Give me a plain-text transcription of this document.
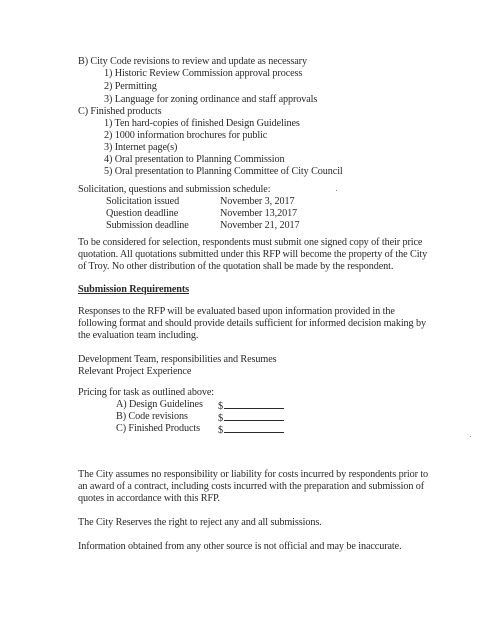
B) City Code revisions to review and update as necessary
1) Historic Review Commission approval process
2) Permitting
3) Language for zoning ordinance and staff approvals
C) Finished products
1) Ten hard-copies of finished Design Guidelines
2) 1000 information brochures for public
3) Internet page(s)
4) Oral presentation to Planning Commission
5) Oral presentation to Planning Committee of City Council
Solicitation, questions and submission schedule:
Solicitation issued	November 3, 2017
Question deadline	November 13,2017
Submission deadline	November 21, 2017
To be considered for selection, respondents must submit one signed copy of their price
quotation. All quotations submitted under this RFP will become the property of the City
of Troy. No other distribution of the quotation shall be made by the respondent.
Submission Requirements
Responses to the RFP will be evaluated based upon information provided in the
following format and should provide details sufficient for informed decision making by
the evaluation team including.
Development Team, responsibilities and Resumes
Relevant Project Experience
Pricing for task as outlined above:
A) Design Guidelines $
B) Code revisions	$
C) Finished Products $
The City assumes no responsibility or liability for costs incurred by respondents prior to
an award of a contract, including costs incurred with the preparation and submission of
quotes in accordance with this RFP.
The City Reserves the right to reject any and all submissions.
Information obtained from any other source is not official and may be inaccurate.
